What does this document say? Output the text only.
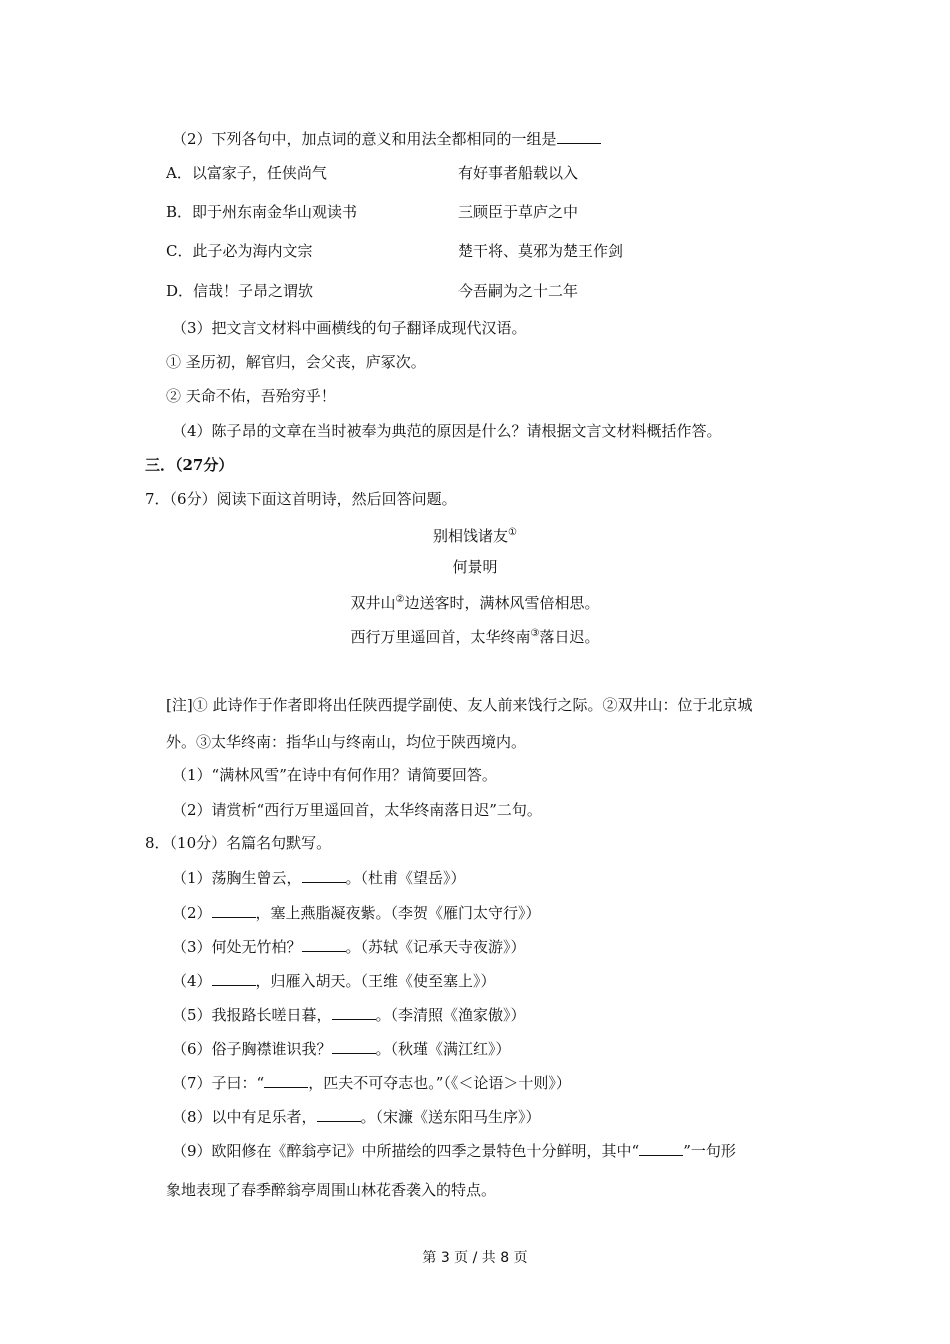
（2）下列各句中，加点词的意义和用法全都相同的一组是
A．以富家子，任侠尚气	有好事者船载以入
B．即于州东南金华山观读书	三顾臣于草庐之中
C．此子必为海内文宗	楚干将、莫邪为楚王作剑
D．信哉！子昂之谓欤	今吾嗣为之十二年
（3）把文言文材料中画横线的句子翻译成现代汉语。
① 圣历初，解官归，会父丧，庐冢次。
② 天命不佑，吾殆穷乎！
（4）陈子昂的文章在当时被奉为典范的原因是什么？请根据文言文材料概括作答。
三．（27分）
7．（6分）阅读下面这首明诗，然后回答问题。
别相饯诸友①
何景明
双井山②边送客时，满林风雪倍相思。
西行万里遥回首，太华终南③落日迟。
[注]① 此诗作于作者即将出任陕西提学副使、友人前来饯行之际。②双井山：位于北京城
外。③太华终南：指华山与终南山，均位于陕西境内。
（1）“满林风雪”在诗中有何作用？请简要回答。
（2）请赏析“西行万里遥回首，太华终南落日迟”二句。
8．（10分）名篇名句默写。
（1）荡胸生曾云，	。（杜甫《望岳》）
（2）	，塞上燕脂凝夜紫。（李贺《雁门太守行》）
（3）何处无竹柏？	。（苏轼《记承天寺夜游》）
（4）	，归雁入胡天。（王维《使至塞上》）
（5）我报路长嗟日暮，	。（李清照《渔家傲》）
（6）俗子胸襟谁识我？	。（秋瑾《满江红》）
（7）子曰：“	，匹夫不可夺志也。”（《＜论语＞十则》）
（8）以中有足乐者，	。（宋濂《送东阳马生序》）
（9）欧阳修在《醉翁亭记》中所描绘的四季之景特色十分鲜明，其中“	”一句形
象地表现了春季醉翁亭周围山林花香袭入的特点。
第 3 页 / 共 8 页
